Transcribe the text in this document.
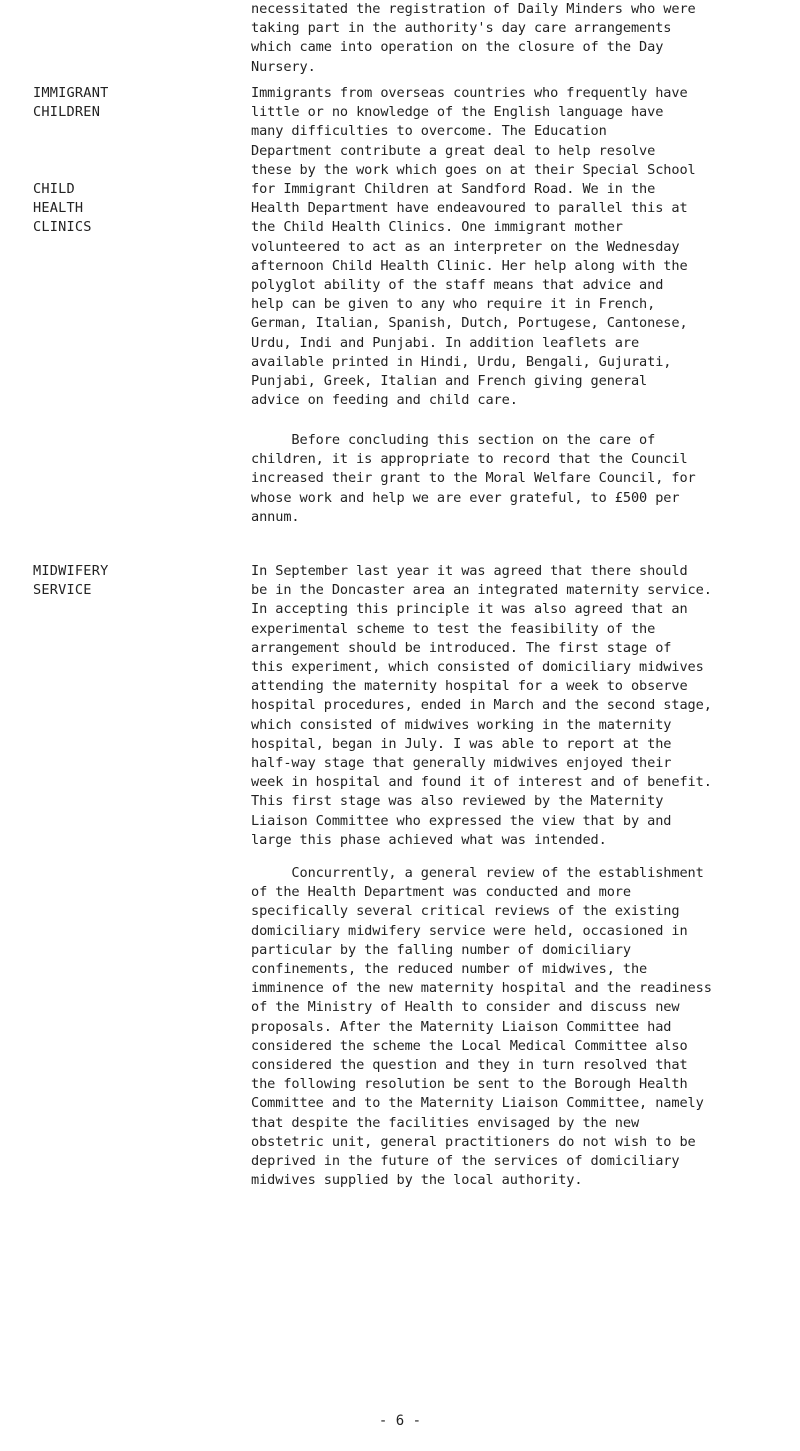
IMMIGRANT
CHILDREN
CHILD
HEALTH
CLINICS
MIDWIFERY
SERVICE
necessitated the registration of Daily Minders who were
taking part in the authority's day care arrangements
which came into operation on the closure of the Day
Nursery.
Immigrants from overseas countries who frequently have
little or no knowledge of the English language have
many difficulties to overcome. The Education
Department contribute a great deal to help resolve
these by the work which goes on at their Special School
for Immigrant Children at Sandford Road. We in the
Health Department have endeavoured to parallel this at
the Child Health Clinics. One immigrant mother
volunteered to act as an interpreter on the Wednesday
afternoon Child Health Clinic. Her help along with the
polyglot ability of the staff means that advice and
help can be given to any who require it in French,
German, Italian, Spanish, Dutch, Portugese, Cantonese,
Urdu, Indi and Punjabi. In addition leaflets are
available printed in Hindi, Urdu, Bengali, Gujurati,
Punjabi, Greek, Italian and French giving general
advice on feeding and child care.
Before concluding this section on the care of
children, it is appropriate to record that the Council
increased their grant to the Moral Welfare Council, for
whose work and help we are ever grateful, to £500 per
annum.
In September last year it was agreed that there should
be in the Doncaster area an integrated maternity service.
In accepting this principle it was also agreed that an
experimental scheme to test the feasibility of the
arrangement should be introduced. The first stage of
this experiment, which consisted of domiciliary midwives
attending the maternity hospital for a week to observe
hospital procedures, ended in March and the second stage,
which consisted of midwives working in the maternity
hospital, began in July. I was able to report at the
half-way stage that generally midwives enjoyed their
week in hospital and found it of interest and of benefit.
This first stage was also reviewed by the Maternity
Liaison Committee who expressed the view that by and
large this phase achieved what was intended.
Concurrently, a general review of the establishment
of the Health Department was conducted and more
specifically several critical reviews of the existing
domiciliary midwifery service were held, occasioned in
particular by the falling number of domiciliary
confinements, the reduced number of midwives, the
imminence of the new maternity hospital and the readiness
of the Ministry of Health to consider and discuss new
proposals. After the Maternity Liaison Committee had
considered the scheme the Local Medical Committee also
considered the question and they in turn resolved that
the following resolution be sent to the Borough Health
Committee and to the Maternity Liaison Committee, namely
that despite the facilities envisaged by the new
obstetric unit, general practitioners do not wish to be
deprived in the future of the services of domiciliary
midwives supplied by the local authority.
- 6 -
